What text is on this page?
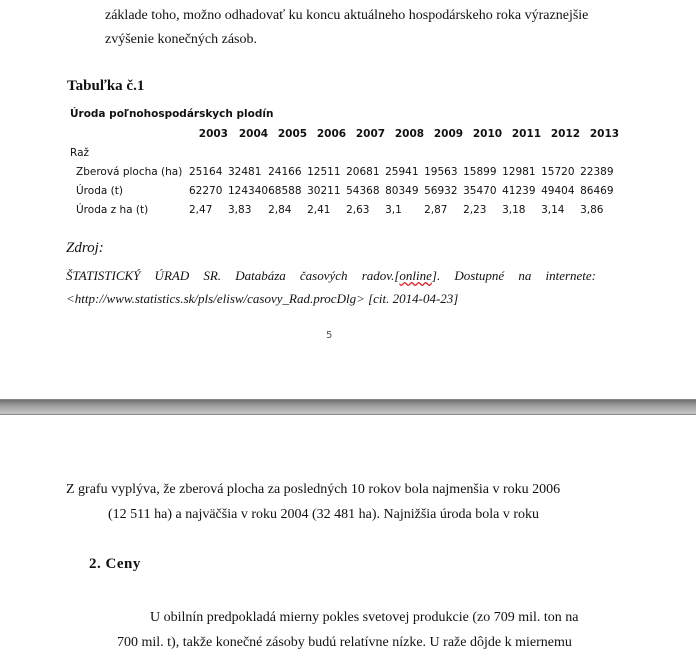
základe toho, možno odhadovať ku koncu aktuálneho hospodárskeho roka výraznejšie
zvýšenie konečných zásob.
Tabuľka č.1
Úroda poľnohospodárskych plodín
	2003	2004	2005	2006	2007	2008	2009	2010	2011	2012	2013
Raž											
Zberová plocha (ha)	25164	32481	24166	12511	20681	25941	19563	15899	12981	15720	22389
Úroda (t)	62270	124340	68588	30211	54368	80349	56932	35470	41239	49404	86469
Úroda z ha (t)	2,47	3,83	2,84	2,41	2,63	3,1	2,87	2,23	3,18	3,14	3,86
Zdroj:
ŠTATISTICKÝ ÚRAD SR. Databáza časových radov.[online]. Dostupné na internete:
<http://www.statistics.sk/pls/elisw/casovy_Rad.procDlg> [cit. 2014-04-23]
5
Z grafu vyplýva, že zberová plocha za posledných 10 rokov bola najmenšia v roku 2006
(12 511 ha) a najväčšia v roku 2004 (32 481 ha). Najnižšia úroda bola v roku
2. Ceny
U obilnín predpokladá mierny pokles svetovej produkcie (zo 709 mil. ton na
700 mil. t), takže konečné zásoby budú relatívne nízke. U raže dôjde k miernemu
